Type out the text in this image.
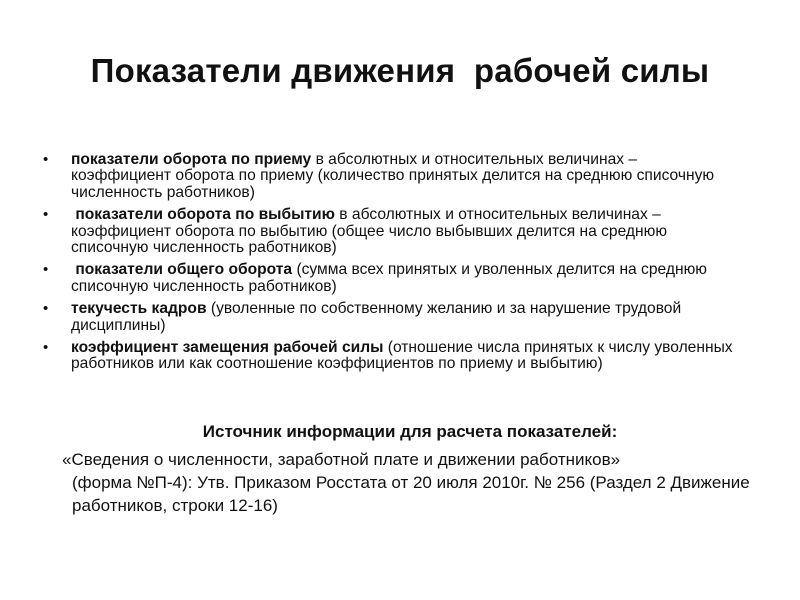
Показатели движения  рабочей силы
• показатели оборота по приему в абсолютных и относительных величинах – коэффициент оборота по приему (количество принятых делится на среднюю списочную численность работников)
• показатели оборота по выбытию в абсолютных и относительных величинах – коэффициент оборота по выбытию (общее число выбывших делится на среднюю списочную численность работников)
• показатели общего оборота (сумма всех принятых и уволенных делится на среднюю списочную численность работников)
• текучесть кадров (уволенные по собственному желанию и за нарушение трудовой дисциплины)
• коэффициент замещения рабочей силы (отношение числа принятых к числу уволенных работников или как соотношение коэффициентов по приему и выбытию)
Источник информации для расчета показателей:
«Сведения о численности, заработной плате и движении работников»
(форма №П-4): Утв. Приказом Росстата от 20 июля 2010г. № 256 (Раздел 2 Движение работников, строки 12-16)
